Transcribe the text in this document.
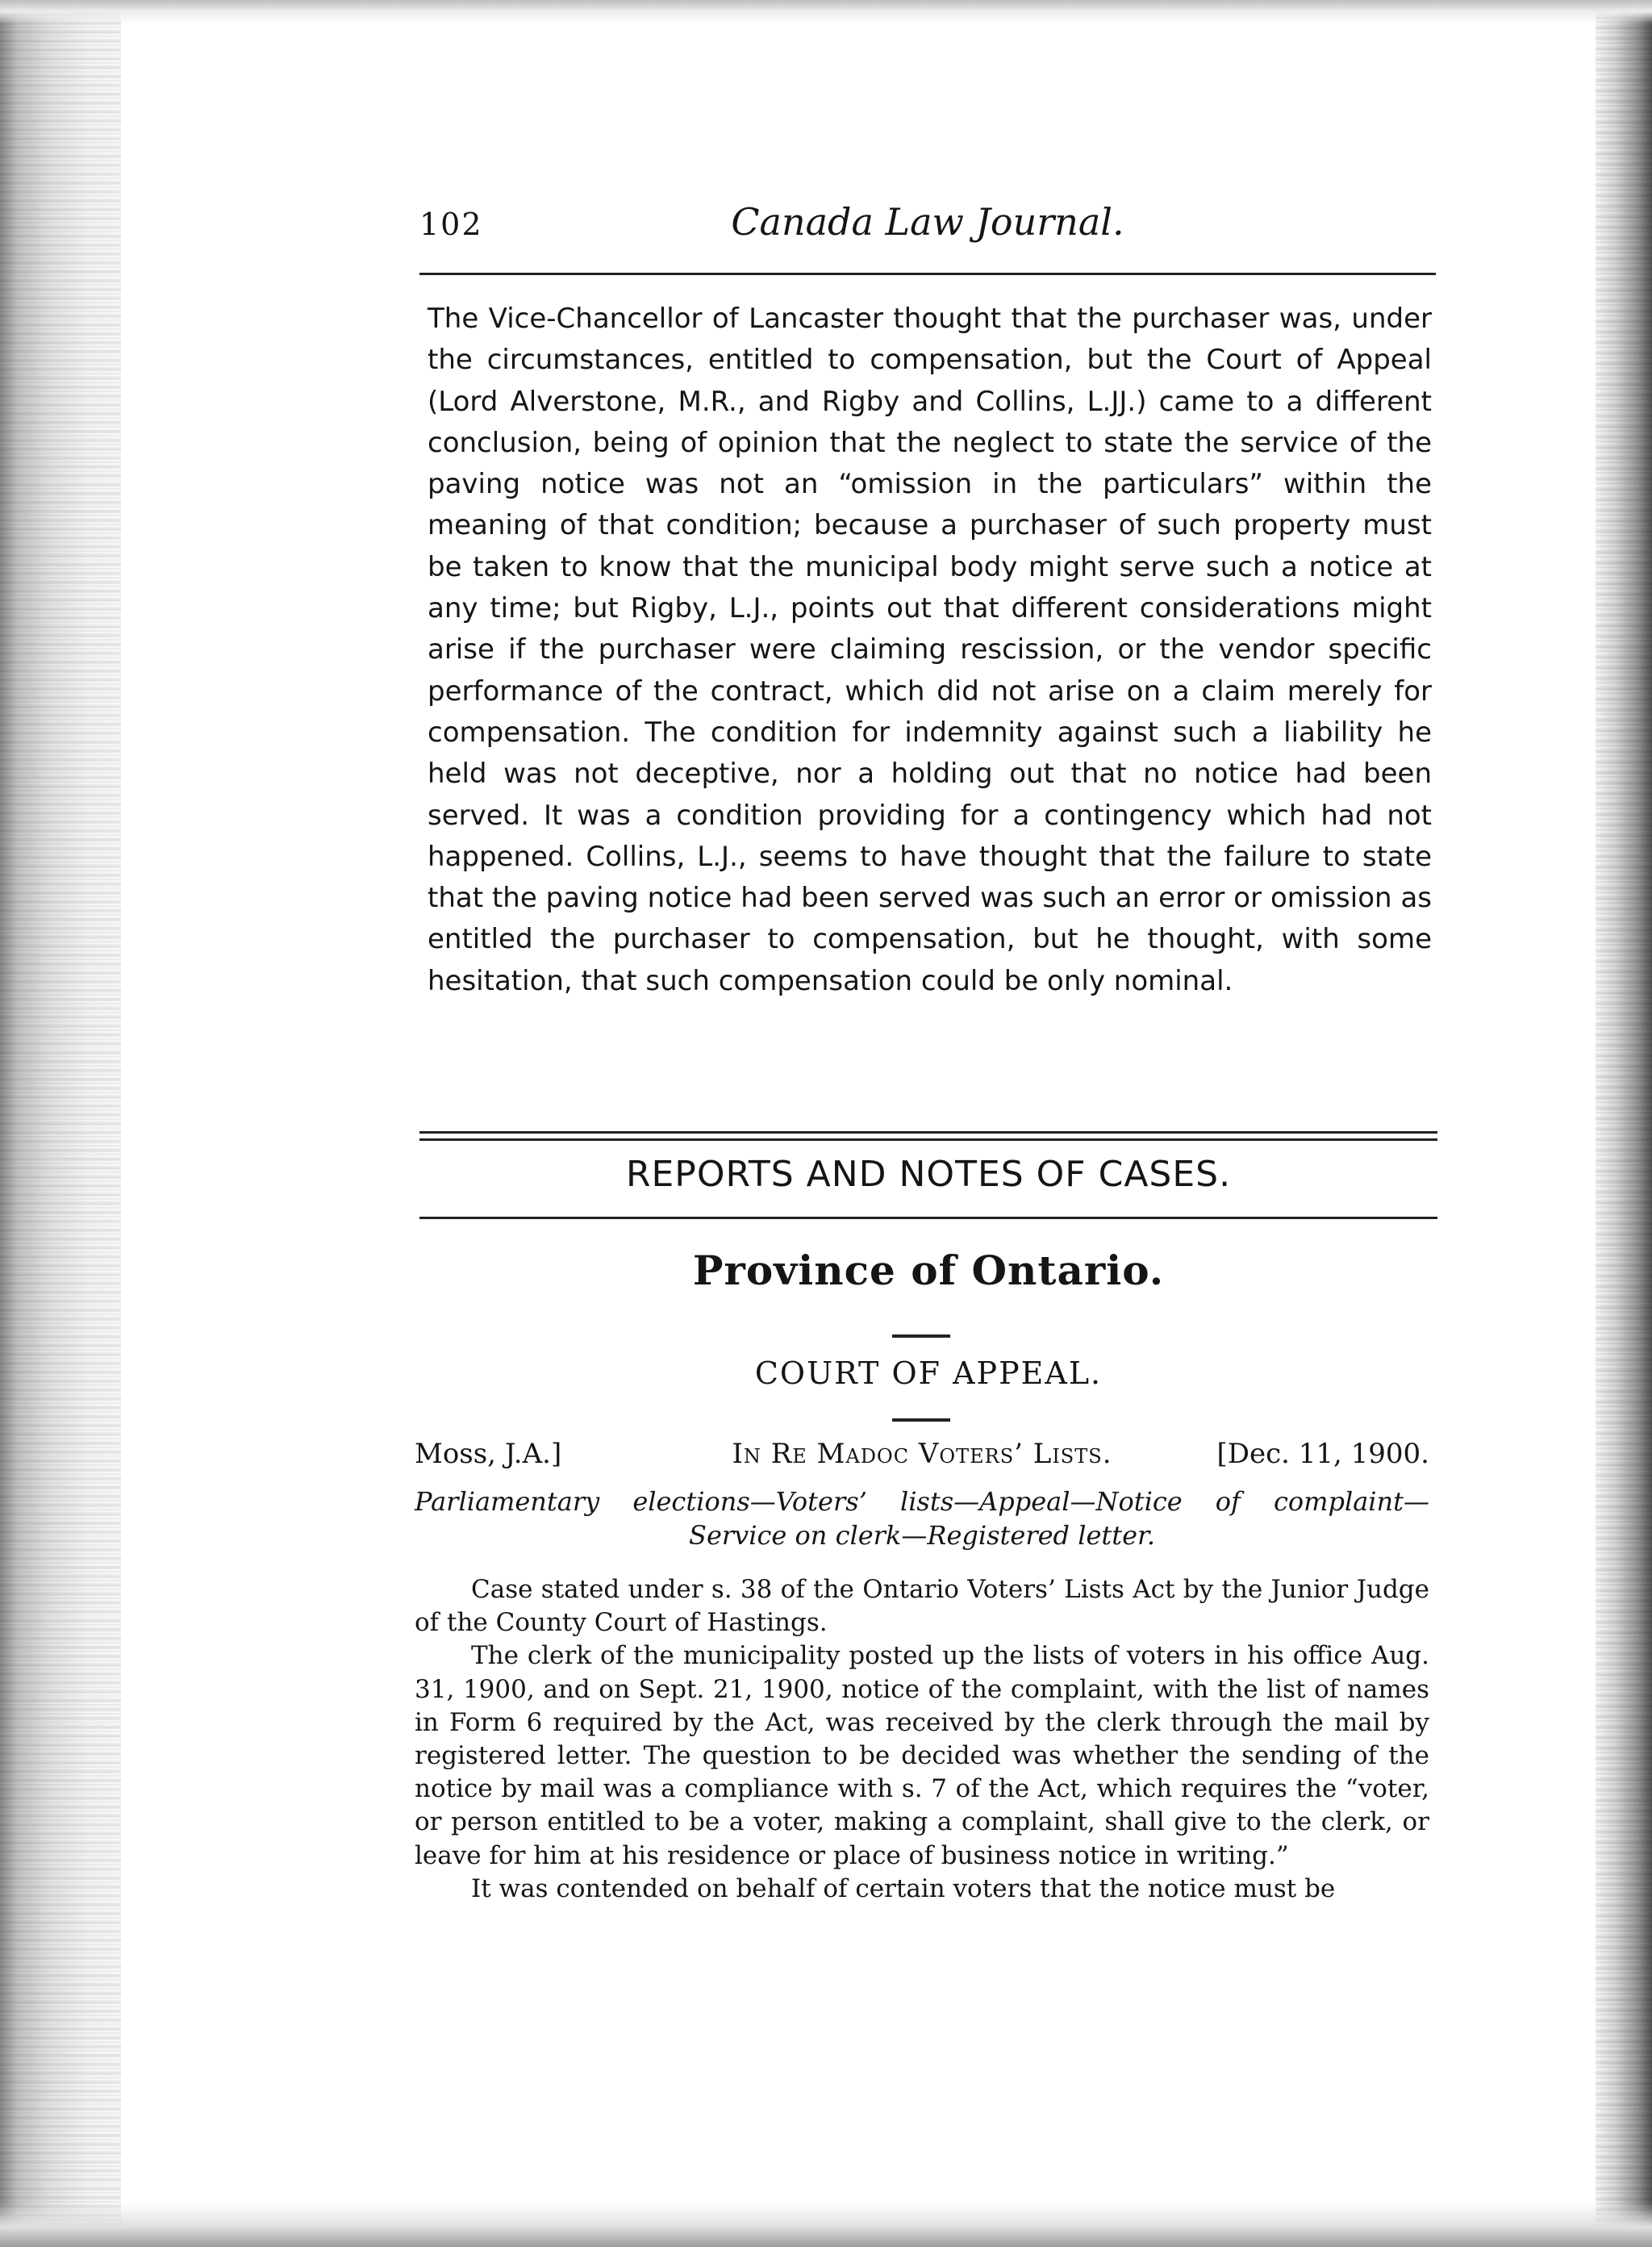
102	Canada Law Journal.

The Vice-Chancellor of Lancaster thought that the purchaser was, under the circumstances, entitled to compensation, but the Court of Appeal (Lord Alverstone, M.R., and Rigby and Collins, L.JJ.) came to a different conclusion, being of opinion that the neglect to state the service of the paving notice was not an “omission in the particulars” within the meaning of that condition; because a purchaser of such property must be taken to know that the municipal body might serve such a notice at any time; but Rigby, L.J., points out that different considerations might arise if the purchaser were claiming rescission, or the vendor specific performance of the contract, which did not arise on a claim merely for compensation. The condition for indemnity against such a liability he held was not deceptive, nor a holding out that no notice had been served. It was a condition providing for a contingency which had not happened. Collins, L.J., seems to have thought that the failure to state that the paving notice had been served was such an error or omission as entitled the purchaser to compensation, but he thought, with some hesitation, that such compensation could be only nominal.

REPORTS AND NOTES OF CASES.
Province of Ontario.
COURT OF APPEAL.
Moss, J.A.]	In Re Madoc Voters’ Lists.	[Dec. 11, 1900.
Parliamentary elections—Voters’ lists—Appeal—Notice of complaint—
Service on clerk—Registered letter.

Case stated under s. 38 of the Ontario Voters’ Lists Act by the Junior Judge of the County Court of Hastings.

The clerk of the municipality posted up the lists of voters in his office Aug. 31, 1900, and on Sept. 21, 1900, notice of the complaint, with the list of names in Form 6 required by the Act, was received by the clerk through the mail by registered letter. The question to be decided was whether the sending of the notice by mail was a compliance with s. 7 of the Act, which requires the “voter, or person entitled to be a voter, making a complaint, shall give to the clerk, or leave for him at his residence or place of business notice in writing.”

It was contended on behalf of certain voters that the notice must be
